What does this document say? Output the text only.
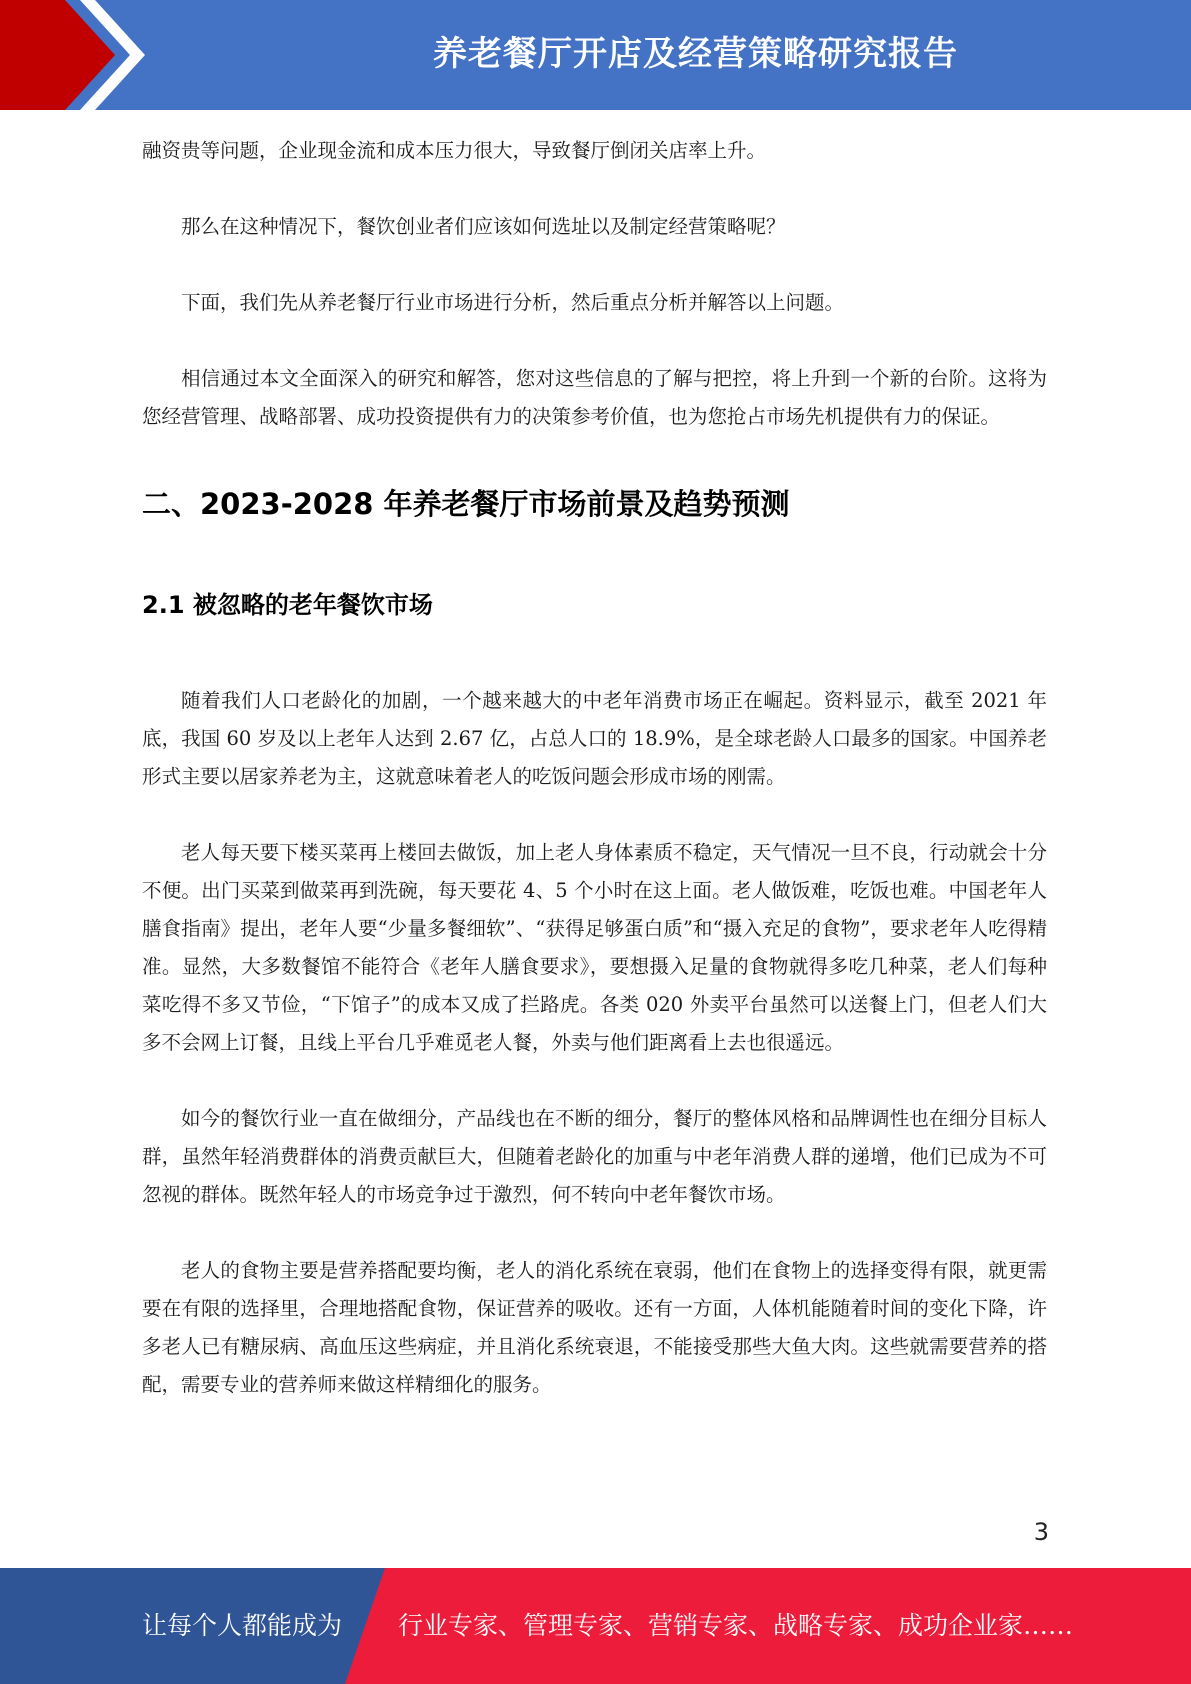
养老餐厅开店及经营策略研究报告

融资贵等问题，企业现金流和成本压力很大，导致餐厅倒闭关店率上升。

那么在这种情况下，餐饮创业者们应该如何选址以及制定经营策略呢？

下面，我们先从养老餐厅行业市场进行分析，然后重点分析并解答以上问题。

相信通过本文全面深入的研究和解答，您对这些信息的了解与把控，将上升到一个新的台阶。这将为您经营管理、战略部署、成功投资提供有力的决策参考价值，也为您抢占市场先机提供有力的保证。

二、2023-2028 年养老餐厅市场前景及趋势预测
2.1 被忽略的老年餐饮市场

随着我们人口老龄化的加剧，一个越来越大的中老年消费市场正在崛起。资料显示，截至 2021 年底，我国 60 岁及以上老年人达到 2.67 亿，占总人口的 18.9%，是全球老龄人口最多的国家。中国养老形式主要以居家养老为主，这就意味着老人的吃饭问题会形成市场的刚需。

老人每天要下楼买菜再上楼回去做饭，加上老人身体素质不稳定，天气情况一旦不良，行动就会十分不便。出门买菜到做菜再到洗碗，每天要花 4、5 个小时在这上面。老人做饭难，吃饭也难。中国老年人膳食指南》提出，老年人要“少量多餐细软”、“获得足够蛋白质”和“摄入充足的食物”，要求老年人吃得精准。显然，大多数餐馆不能符合《老年人膳食要求》，要想摄入足量的食物就得多吃几种菜，老人们每种菜吃得不多又节俭，“下馆子”的成本又成了拦路虎。各类 020 外卖平台虽然可以送餐上门，但老人们大多不会网上订餐，且线上平台几乎难觅老人餐，外卖与他们距离看上去也很遥远。

如今的餐饮行业一直在做细分，产品线也在不断的细分，餐厅的整体风格和品牌调性也在细分目标人群，虽然年轻消费群体的消费贡献巨大，但随着老龄化的加重与中老年消费人群的递增，他们已成为不可忽视的群体。既然年轻人的市场竞争过于激烈，何不转向中老年餐饮市场。

老人的食物主要是营养搭配要均衡，老人的消化系统在衰弱，他们在食物上的选择变得有限，就更需要在有限的选择里，合理地搭配食物，保证营养的吸收。还有一方面，人体机能随着时间的变化下降，许多老人已有糖尿病、高血压这些病症，并且消化系统衰退，不能接受那些大鱼大肉。这些就需要营养的搭配，需要专业的营养师来做这样精细化的服务。

3
让每个人都能成为 行业专家、管理专家、营销专家、战略专家、成功企业家……
